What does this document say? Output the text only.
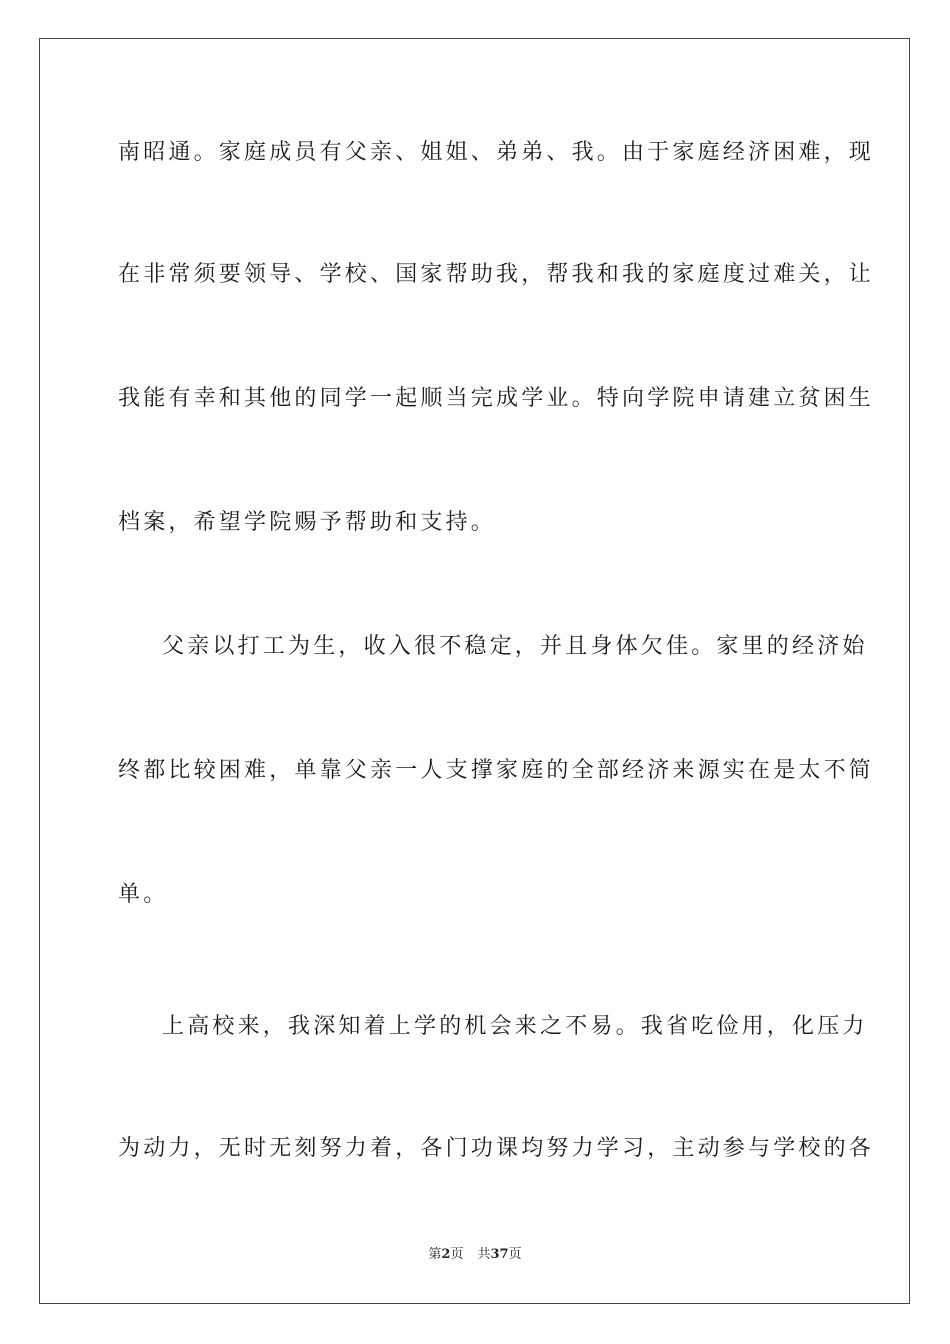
南昭通。家庭成员有父亲、姐姐、弟弟、我。由于家庭经济困难，现
在非常须要领导、学校、国家帮助我，帮我和我的家庭度过难关，让
我能有幸和其他的同学一起顺当完成学业。特向学院申请建立贫困生
档案，希望学院赐予帮助和支持。
父亲以打工为生，收入很不稳定，并且身体欠佳。家里的经济始
终都比较困难，单靠父亲一人支撑家庭的全部经济来源实在是太不简
单。
上高校来，我深知着上学的机会来之不易。我省吃俭用，化压力
为动力，无时无刻努力着，各门功课均努力学习，主动参与学校的各
第2页 共37页
